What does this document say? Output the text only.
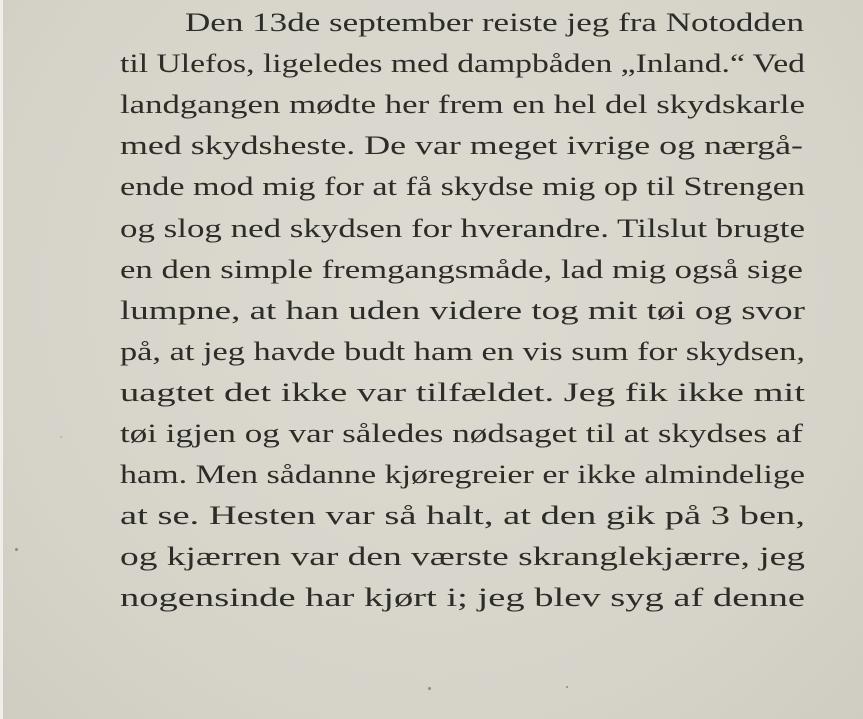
Den 13de september reiste jeg fra Notodden
til Ulefos, ligeledes med dampbåden „Inland.“ Ved
landgangen mødte her frem en hel del skydskarle
med skydsheste. De var meget ivrige og nærgå-
ende mod mig for at få skydse mig op til Strengen
og slog ned skydsen for hverandre. Tilslut brugte
en den simple fremgangsmåde, lad mig også sige
lumpne, at han uden videre tog mit tøi og svor
på, at jeg havde budt ham en vis sum for skydsen,
uagtet det ikke var tilfældet. Jeg fik ikke mit
tøi igjen og var således nødsaget til at skydses af
ham. Men sådanne kjøregreier er ikke almindelige
at se. Hesten var så halt, at den gik på 3 ben,
og kjærren var den værste skranglekjærre, jeg
nogensinde har kjørt i; jeg blev syg af denne
